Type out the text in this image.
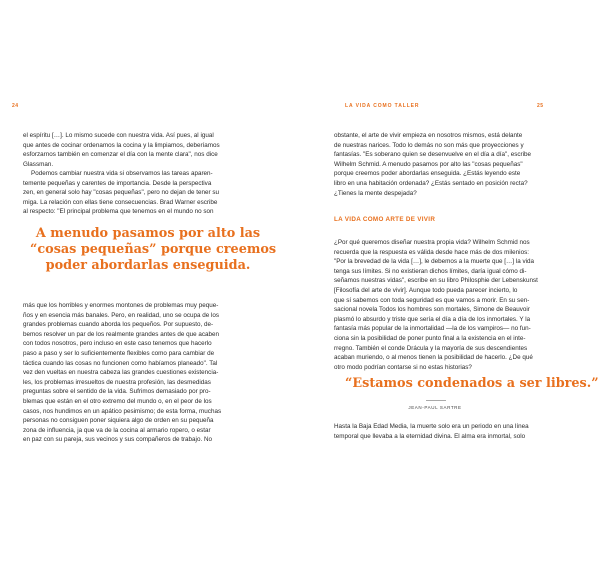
24	LA VIDA COMO TALLER	25

el espíritu […]. Lo mismo sucede con nuestra vida. Así pues, al igual
que antes de cocinar ordenamos la cocina y la limpiamos, deberíamos
esforzarnos también en comenzar el día con la mente clara", nos dice
Glassman.

Podemos cambiar nuestra vida si observamos las tareas aparen-
temente pequeñas y carentes de importancia. Desde la perspectiva
zen, en general solo hay "cosas pequeñas", pero no dejan de tener su
miga. La relación con ellas tiene consecuencias. Brad Warner escribe
al respecto: "El principal problema que tenemos en el mundo no son

A menudo pasamos por alto las
“cosas pequeñas” porque creemos
poder abordarlas enseguida.

más que los horribles y enormes montones de problemas muy peque-
ños y en esencia más banales. Pero, en realidad, uno se ocupa de los
grandes problemas cuando aborda los pequeños. Por supuesto, de-
bemos resolver un par de los realmente grandes antes de que acaben
con todos nosotros, pero incluso en este caso tenemos que hacerlo
paso a paso y ser lo suficientemente flexibles como para cambiar de
táctica cuando las cosas no funcionen como habíamos planeado". Tal
vez den vueltas en nuestra cabeza las grandes cuestiones existencia-
les, los problemas irresueltos de nuestra profesión, las desmedidas
preguntas sobre el sentido de la vida. Sufrimos demasiado por pro-
blemas que están en el otro extremo del mundo o, en el peor de los
casos, nos hundimos en un apático pesimismo; de esta forma, muchas
personas no consiguen poner siquiera algo de orden en su pequeña
zona de influencia, ja que va de la cocina al armario ropero, o estar
en paz con su pareja, sus vecinos y sus compañeros de trabajo. No

obstante, el arte de vivir empieza en nosotros mismos, está delante
de nuestras narices. Todo lo demás no son más que proyecciones y
fantasías. "Es soberano quien se desenvuelve en el día a día", escribe
Wilhelm Schmid. A menudo pasamos por alto las "cosas pequeñas"
porque creemos poder abordarlas enseguida. ¿Estás leyendo este
libro en una habitación ordenada? ¿Estás sentado en posición recta?
¿Tienes la mente despejada?

LA VIDA COMO ARTE DE VIVIR

¿Por qué queremos diseñar nuestra propia vida? Wilhelm Schmid nos
recuerda que la respuesta es válida desde hace más de dos milenios:
"Por la brevedad de la vida […], le debemos a la muerte que […] la vida
tenga sus límites. Si no existieran dichos límites, daría igual cómo di-
señamos nuestras vidas", escribe en su libro Philosphie der Lebenskunst
[Filosofía del arte de vivir]. Aunque todo pueda parecer incierto, lo
que sí sabemos con toda seguridad es que vamos a morir. En su sen-
sacional novela Todos los hombres son mortales, Simone de Beauvoir
plasmó lo absurdo y triste que sería el día a día de los inmortales. Y la
fantasía más popular de la inmortalidad —la de los vampiros— no fun-
ciona sin la posibilidad de poner punto final a la existencia en el inte-
rregno. También el conde Drácula y la mayoría de sus descendientes
acaban muriendo, o al menos tienen la posibilidad de hacerlo. ¿De qué
otro modo podrían contarse si no estas historias?

“Estamos condenados a ser libres.”

JEAN-PAUL SARTRE

Hasta la Baja Edad Media, la muerte solo era un periodo en una línea
temporal que llevaba a la eternidad divina. El alma era inmortal, solo
